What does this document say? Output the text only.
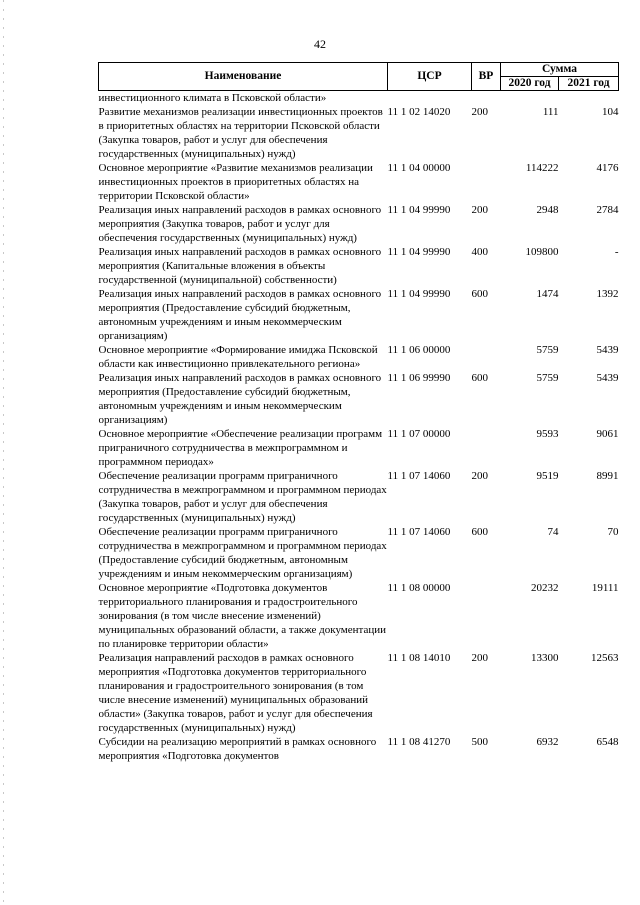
42
Наименование	ЦСР	ВР	Сумма	
			2020 год	2021 год
инвестиционного климата в Псковской области»				
Развитие механизмов реализации инвестиционных проектов в приоритетных областях на территории Псковской области (Закупка товаров, работ и услуг для обеспечения государственных (муниципальных) нужд)	11 1 02 14020	200	111	104
Основное мероприятие «Развитие механизмов реализации инвестиционных проектов в приоритетных областях на территории Псковской области»	11 1 04 00000		114222	4176
Реализация иных направлений расходов в рамках основного мероприятия (Закупка товаров, работ и услуг для обеспечения государственных (муниципальных) нужд)	11 1 04 99990	200	2948	2784
Реализация иных направлений расходов в рамках основного мероприятия (Капитальные вложения в объекты государственной (муниципальной) собственности)	11 1 04 99990	400	109800	-
Реализация иных направлений расходов в рамках основного мероприятия (Предоставление субсидий бюджетным, автономным учреждениям и иным некоммерческим организациям)	11 1 04 99990	600	1474	1392
Основное мероприятие «Формирование имиджа Псковской области как инвестиционно привлекательного региона»	11 1 06 00000		5759	5439
Реализация иных направлений расходов в рамках основного мероприятия (Предоставление субсидий бюджетным, автономным учреждениям и иным некоммерческим организациям)	11 1 06 99990	600	5759	5439
Основное мероприятие «Обеспечение реализации программ приграничного сотрудничества в межпрограммном и программном периодах»	11 1 07 00000		9593	9061
Обеспечение реализации программ приграничного сотрудничества в межпрограммном и программном периодах (Закупка товаров, работ и услуг для обеспечения государственных (муниципальных) нужд)	11 1 07 14060	200	9519	8991
Обеспечение реализации программ приграничного сотрудничества в межпрограммном и программном периодах (Предоставление субсидий бюджетным, автономным учреждениям и иным некоммерческим организациям)	11 1 07 14060	600	74	70
Основное мероприятие «Подготовка документов территориального планирования и градостроительного зонирования (в том числе внесение изменений) муниципальных образований области, а также документации по планировке территории области»	11 1 08 00000		20232	19111
Реализация направлений расходов в рамках основного мероприятия «Подготовка документов территориального планирования и градостроительного зонирования (в том числе внесение изменений) муниципальных образований области» (Закупка товаров, работ и услуг для обеспечения государственных (муниципальных) нужд)	11 1 08 14010	200	13300	12563
Субсидии на реализацию мероприятий в рамках основного мероприятия «Подготовка документов	11 1 08 41270	500	6932	6548
